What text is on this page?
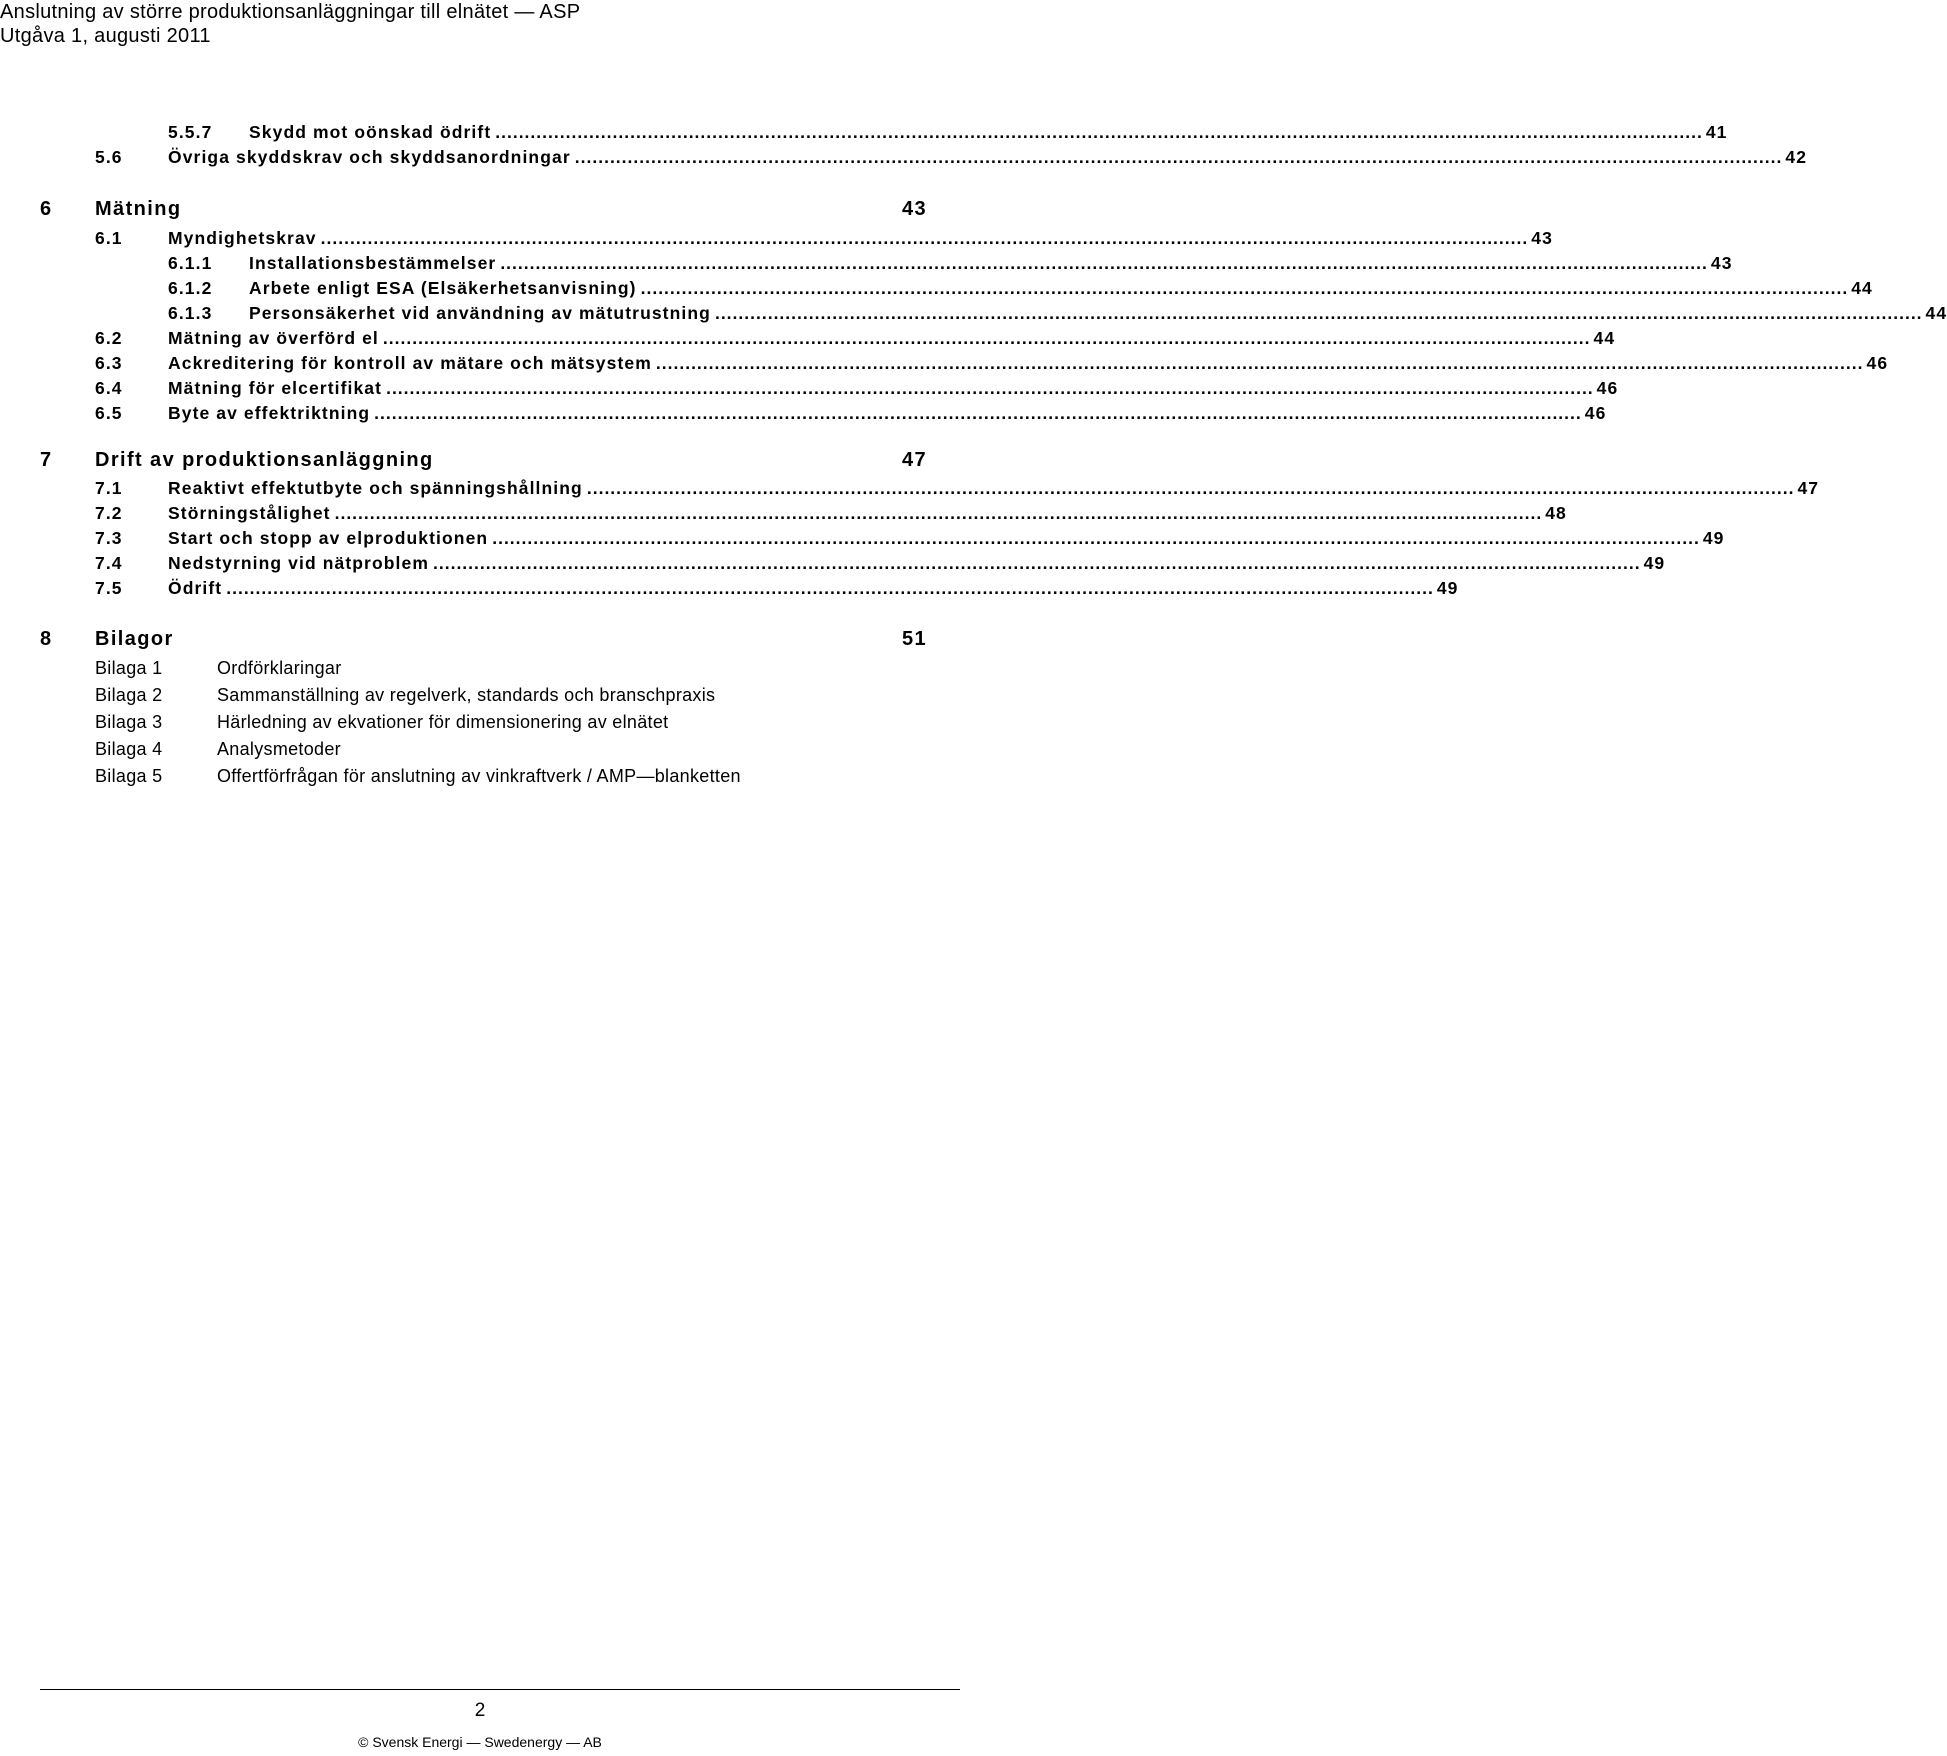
Anslutning av större produktionsanläggningar till elnätet — ASP
Utgåva 1, augusti 2011
5.5.7 Skydd mot oönskad ödrift .............................................................................................................................................................................................................. 41
5.6	Övriga skyddskrav och skyddsanordningar .............................................................................................................................................................................................................. 42
6 Mätning	43
6.1	Myndighetskrav .............................................................................................................................................................................................................. 43
6.1.1 Installationsbestämmelser .............................................................................................................................................................................................................. 43
6.1.2 Arbete enligt ESA (Elsäkerhetsanvisning) .............................................................................................................................................................................................................. 44
6.1.3 Personsäkerhet vid användning av mätutrustning .............................................................................................................................................................................................................. 44
6.2	Mätning av överförd el .............................................................................................................................................................................................................. 44
6.3	Ackreditering för kontroll av mätare och mätsystem .............................................................................................................................................................................................................. 46
6.4	Mätning för elcertifikat .............................................................................................................................................................................................................. 46
6.5	Byte av effektriktning .............................................................................................................................................................................................................. 46
7 Drift av produktionsanläggning	47
7.1	Reaktivt effektutbyte och spänningshållning .............................................................................................................................................................................................................. 47
7.2	Störningstålighet .............................................................................................................................................................................................................. 48
7.3	Start och stopp av elproduktionen .............................................................................................................................................................................................................. 49
7.4	Nedstyrning vid nätproblem .............................................................................................................................................................................................................. 49
7.5	Ödrift .............................................................................................................................................................................................................. 49
8 Bilagor	51
Bilaga 1	Ordförklaringar
Bilaga 2	Sammanställning av regelverk, standards och branschpraxis
Bilaga 3	Härledning av ekvationer för dimensionering av elnätet
Bilaga 4	Analysmetoder
Bilaga 5	Offertförfrågan för anslutning av vinkraftverk / AMP—blanketten
2
© Svensk Energi — Swedenergy — AB
